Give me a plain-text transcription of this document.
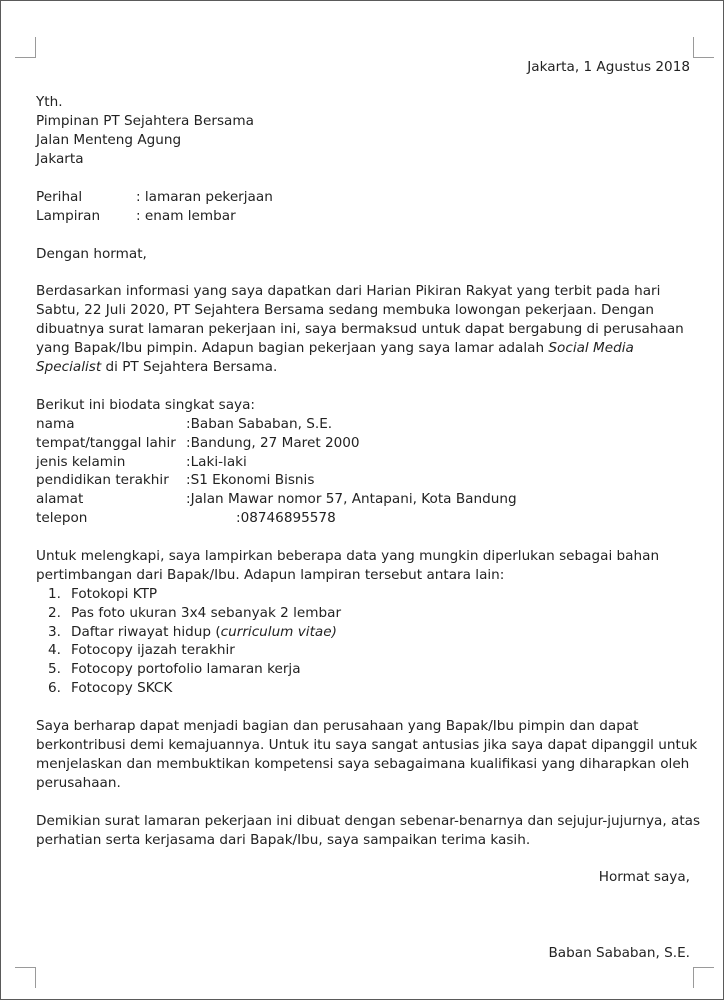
Jakarta, 1 Agustus 2018
Yth.
Pimpinan PT Sejahtera Bersama
Jalan Menteng Agung
Jakarta
Perihal	: lamaran pekerjaan
Lampiran	: enam lembar
Dengan hormat,
Berdasarkan informasi yang saya dapatkan dari Harian Pikiran Rakyat yang terbit pada hari
Sabtu, 22 Juli 2020, PT Sejahtera Bersama sedang membuka lowongan pekerjaan. Dengan
dibuatnya surat lamaran pekerjaan ini, saya bermaksud untuk dapat bergabung di perusahaan
yang Bapak/Ibu pimpin. Adapun bagian pekerjaan yang saya lamar adalah Social Media
Specialist di PT Sejahtera Bersama.
Berikut ini biodata singkat saya:
nama	:Baban Sababan, S.E.
tempat/tanggal lahir :Bandung, 27 Maret 2000
jenis kelamin	:Laki-laki
pendidikan terakhir :S1 Ekonomi Bisnis
alamat	:Jalan Mawar nomor 57, Antapani, Kota Bandung
telepon	:08746895578
Untuk melengkapi, saya lampirkan beberapa data yang mungkin diperlukan sebagai bahan
pertimbangan dari Bapak/Ibu. Adapun lampiran tersebut antara lain:
1. Fotokopi KTP
2. Pas foto ukuran 3x4 sebanyak 2 lembar
3. Daftar riwayat hidup (curriculum vitae)
4. Fotocopy ijazah terakhir
5. Fotocopy portofolio lamaran kerja
6. Fotocopy SKCK
Saya berharap dapat menjadi bagian dan perusahaan yang Bapak/Ibu pimpin dan dapat
berkontribusi demi kemajuannya. Untuk itu saya sangat antusias jika saya dapat dipanggil untuk
menjelaskan dan membuktikan kompetensi saya sebagaimana kualifikasi yang diharapkan oleh
perusahaan.
Demikian surat lamaran pekerjaan ini dibuat dengan sebenar-benarnya dan sejujur-jujurnya, atas
perhatian serta kerjasama dari Bapak/Ibu, saya sampaikan terima kasih.
Hormat saya,
Baban Sababan, S.E.
